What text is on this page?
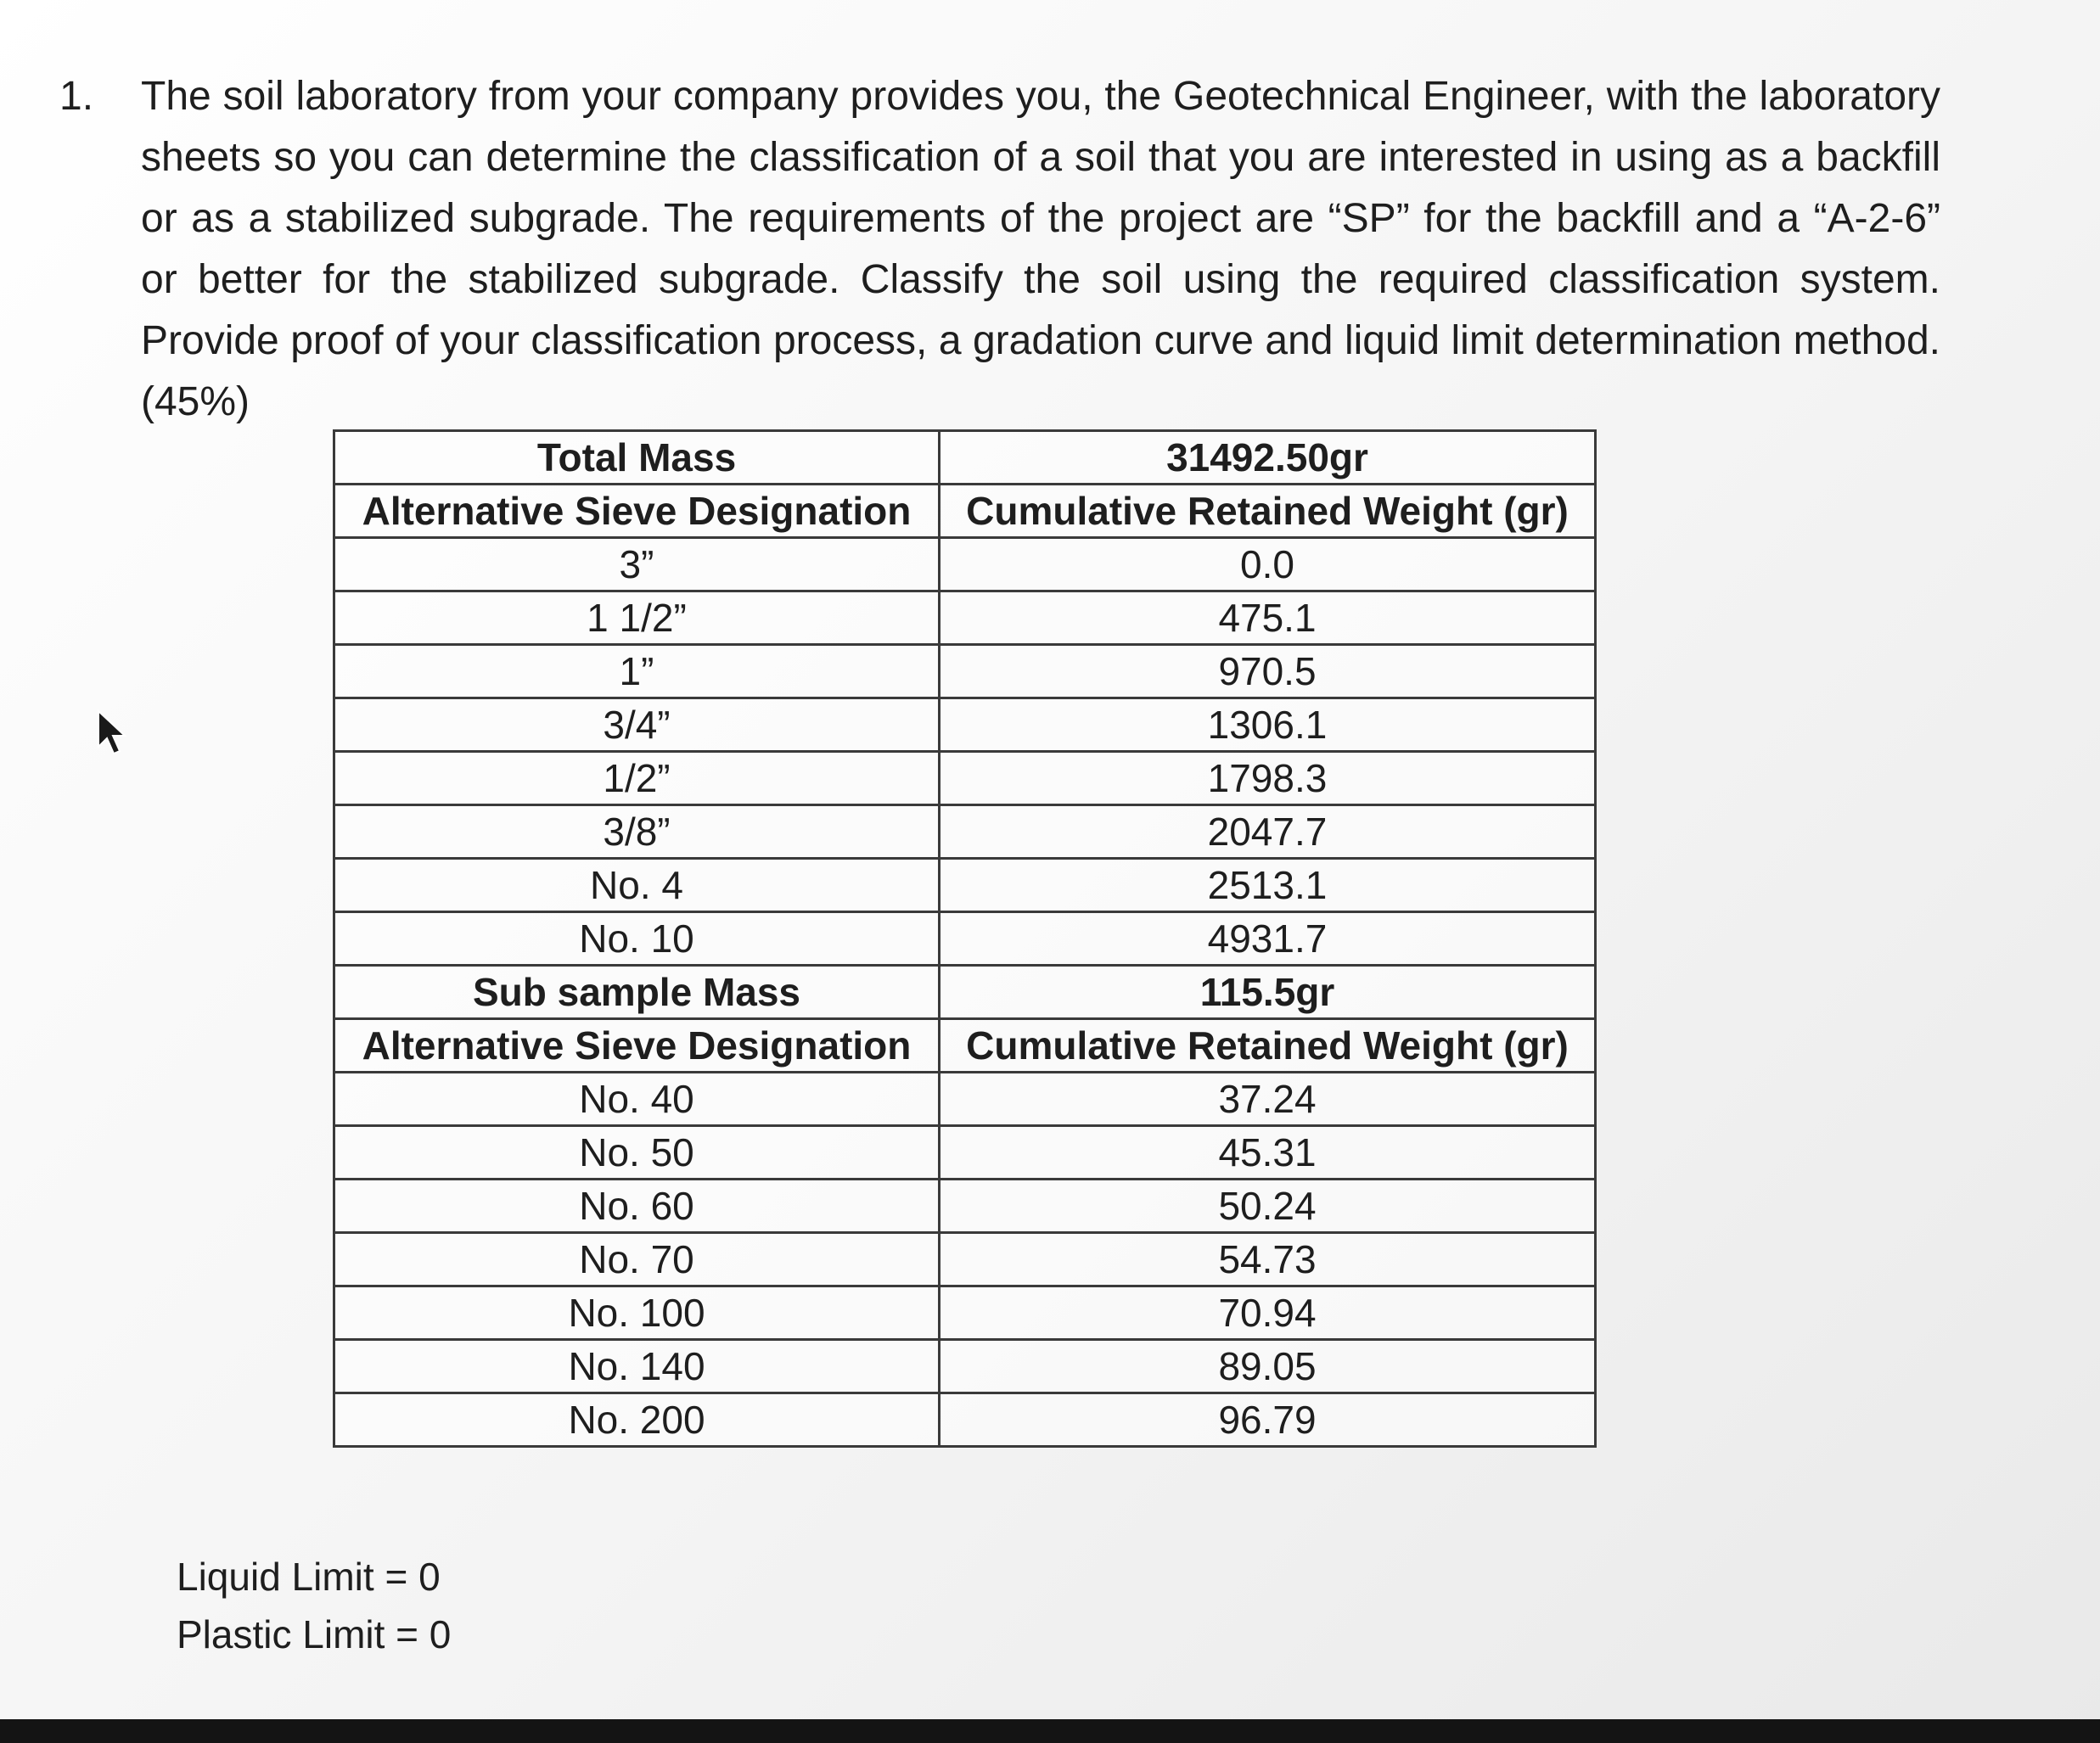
1. The soil laboratory from your company provides you, the Geotechnical Engineer, with the laboratory sheets so you can determine the classification of a soil that you are interested in using as a backfill or as a stabilized subgrade. The requirements of the project are “SP” for the backfill and a “A-2-6” or better for the stabilized subgrade. Classify the soil using the required classification system. Provide proof of your classification process, a gradation curve and liquid limit determination method. (45%)
Total Mass	31492.50gr
Alternative Sieve Designation	Cumulative Retained Weight (gr)
3”	0.0
1 1/2”	475.1
1”	970.5
3/4”	1306.1
1/2”	1798.3
3/8”	2047.7
No. 4	2513.1
No. 10	4931.7
Sub sample Mass	115.5gr
Alternative Sieve Designation	Cumulative Retained Weight (gr)
No. 40	37.24
No. 50	45.31
No. 60	50.24
No. 70	54.73
No. 100	70.94
No. 140	89.05
No. 200	96.79
Liquid Limit = 0
Plastic Limit = 0
